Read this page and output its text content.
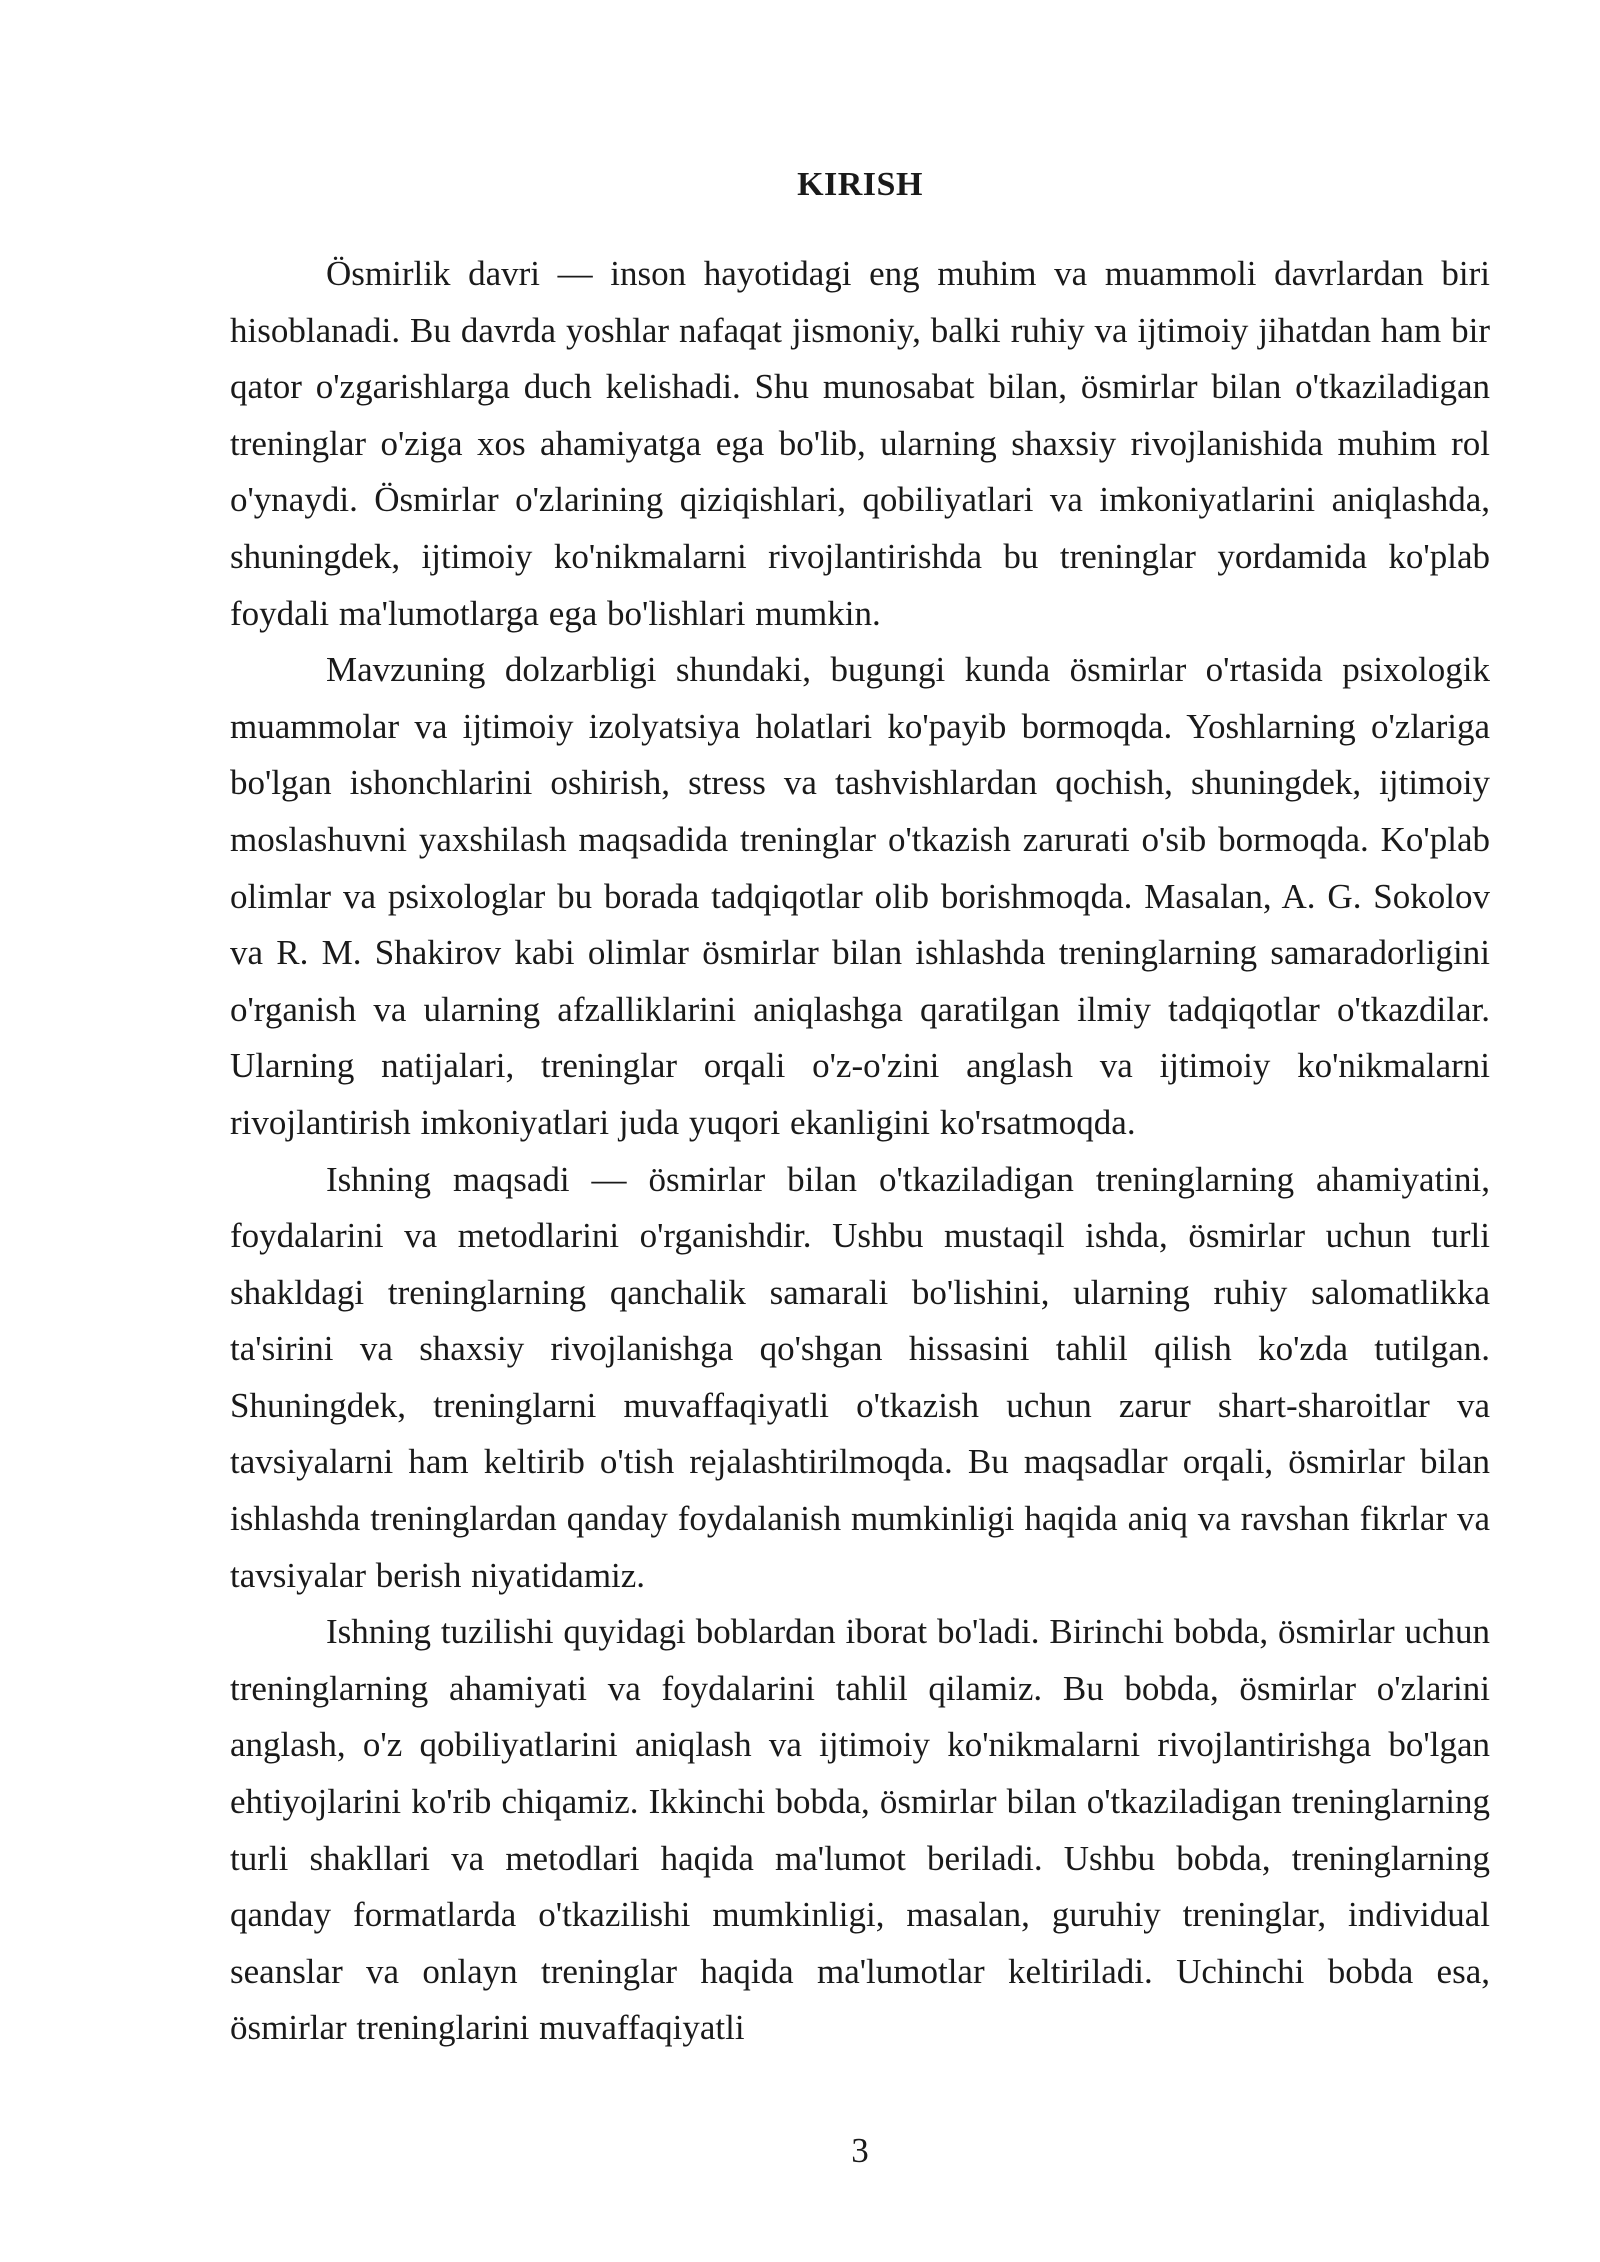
KIRISH

Ösmirlik davri — inson hayotidagi eng muhim va muammoli davrlardan biri hisoblanadi. Bu davrda yoshlar nafaqat jismoniy, balki ruhiy va ijtimoiy jihatdan ham bir qator o'zgarishlarga duch kelishadi. Shu munosabat bilan, ösmirlar bilan o'tkaziladigan treninglar o'ziga xos ahamiyatga ega bo'lib, ularning shaxsiy rivojlanishida muhim rol o'ynaydi. Ösmirlar o'zlarining qiziqishlari, qobiliyatlari va imkoniyatlarini aniqlashda, shuningdek, ijtimoiy ko'nikmalarni rivojlantirishda bu treninglar yordamida ko'plab foydali ma'lumotlarga ega bo'lishlari mumkin.

Mavzuning dolzarbligi shundaki, bugungi kunda ösmirlar o'rtasida psixologik muammolar va ijtimoiy izolyatsiya holatlari ko'payib bormoqda. Yoshlarning o'zlariga bo'lgan ishonchlarini oshirish, stress va tashvishlardan qochish, shuningdek, ijtimoiy moslashuvni yaxshilash maqsadida treninglar o'tkazish zarurati o'sib bormoqda. Ko'plab olimlar va psixologlar bu borada tadqiqotlar olib borishmoqda. Masalan, A. G. Sokolov va R. M. Shakirov kabi olimlar ösmirlar bilan ishlashda treninglarning samaradorligini o'rganish va ularning afzalliklarini aniqlashga qaratilgan ilmiy tadqiqotlar o'tkazdilar. Ularning natijalari, treninglar orqali o'z-o'zini anglash va ijtimoiy ko'nikmalarni rivojlantirish imkoniyatlari juda yuqori ekanligini ko'rsatmoqda.

Ishning maqsadi — ösmirlar bilan o'tkaziladigan treninglarning ahamiyatini, foydalarini va metodlarini o'rganishdir. Ushbu mustaqil ishda, ösmirlar uchun turli shakldagi treninglarning qanchalik samarali bo'lishini, ularning ruhiy salomatlikka ta'sirini va shaxsiy rivojlanishga qo'shgan hissasini tahlil qilish ko'zda tutilgan. Shuningdek, treninglarni muvaffaqiyatli o'tkazish uchun zarur shart-sharoitlar va tavsiyalarni ham keltirib o'tish rejalashtirilmoqda. Bu maqsadlar orqali, ösmirlar bilan ishlashda treninglardan qanday foydalanish mumkinligi haqida aniq va ravshan fikrlar va tavsiyalar berish niyatidamiz.

Ishning tuzilishi quyidagi boblardan iborat bo'ladi. Birinchi bobda, ösmirlar uchun treninglarning ahamiyati va foydalarini tahlil qilamiz. Bu bobda, ösmirlar o'zlarini anglash, o'z qobiliyatlarini aniqlash va ijtimoiy ko'nikmalarni rivojlantirishga bo'lgan ehtiyojlarini ko'rib chiqamiz. Ikkinchi bobda, ösmirlar bilan o'tkaziladigan treninglarning turli shakllari va metodlari haqida ma'lumot beriladi. Ushbu bobda, treninglarning qanday formatlarda o'tkazilishi mumkinligi, masalan, guruhiy treninglar, individual seanslar va onlayn treninglar haqida ma'lumotlar keltiriladi. Uchinchi bobda esa, ösmirlar treninglarini muvaffaqiyatli

3
